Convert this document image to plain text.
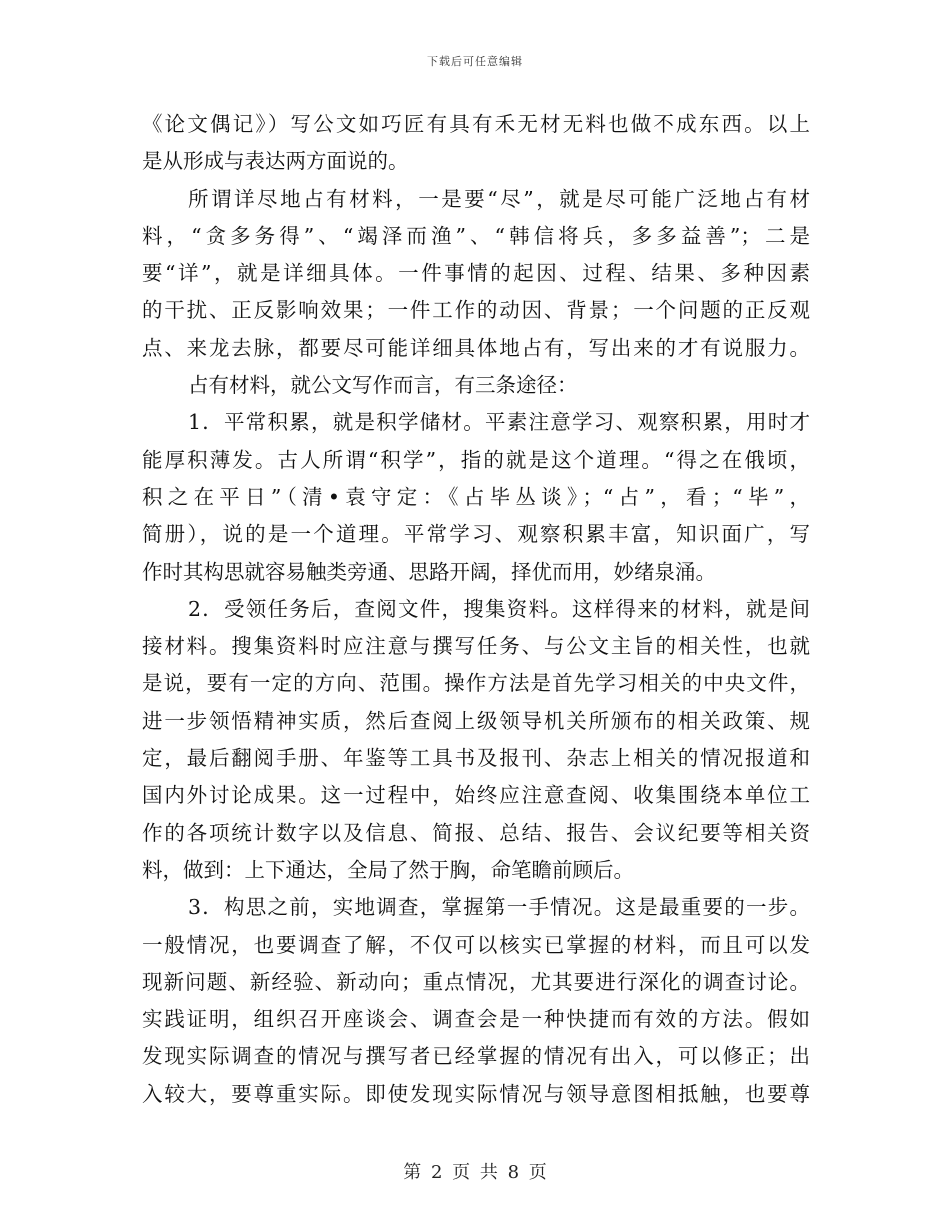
下载后可任意编辑
《论文偶记》）写公文如巧匠有具有禾无材无料也做不成东西。以上
是从形成与表达两方面说的。
所谓详尽地占有材料，一是要“尽”，就是尽可能广泛地占有材
料，“贪多务得”、“竭泽而渔”、“韩信将兵，多多益善”；二是
要“详”，就是详细具体。一件事情的起因、过程、结果、多种因素
的干扰、正反影响效果；一件工作的动因、背景；一个问题的正反观
点、来龙去脉，都要尽可能详细具体地占有，写出来的才有说服力。
占有材料，就公文写作而言，有三条途径：
1．平常积累，就是积学储材。平素注意学习、观察积累，用时才
能厚积薄发。古人所谓“积学”，指的就是这个道理。“得之在俄顷，
积之在平日”（清•袁守定：《占毕丛谈》；“占”，看；“毕”，
简册），说的是一个道理。平常学习、观察积累丰富，知识面广，写
作时其构思就容易触类旁通、思路开阔，择优而用，妙绪泉涌。
2．受领任务后，查阅文件，搜集资料。这样得来的材料，就是间
接材料。搜集资料时应注意与撰写任务、与公文主旨的相关性，也就
是说，要有一定的方向、范围。操作方法是首先学习相关的中央文件，
进一步领悟精神实质，然后查阅上级领导机关所颁布的相关政策、规
定，最后翻阅手册、年鉴等工具书及报刊、杂志上相关的情况报道和
国内外讨论成果。这一过程中，始终应注意查阅、收集围绕本单位工
作的各项统计数字以及信息、简报、总结、报告、会议纪要等相关资
料，做到：上下通达，全局了然于胸，命笔瞻前顾后。
3．构思之前，实地调查，掌握第一手情况。这是最重要的一步。
一般情况，也要调查了解，不仅可以核实已掌握的材料，而且可以发
现新问题、新经验、新动向；重点情况，尤其要进行深化的调查讨论。
实践证明，组织召开座谈会、调查会是一种快捷而有效的方法。假如
发现实际调查的情况与撰写者已经掌握的情况有出入，可以修正；出
入较大，要尊重实际。即使发现实际情况与领导意图相抵触，也要尊
第 2 页 共 8 页
